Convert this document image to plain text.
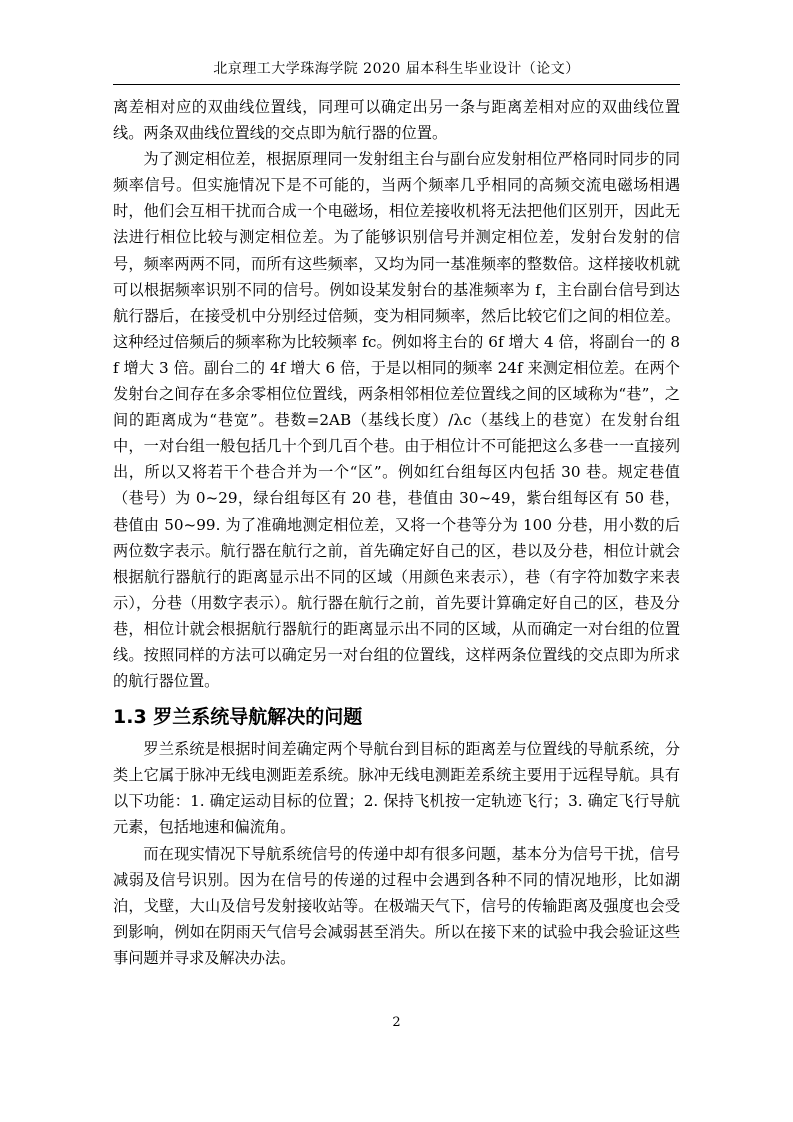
北京理工大学珠海学院 2020 届本科生毕业设计（论文）

离差相对应的双曲线位置线，同理可以确定出另一条与距离差相对应的双曲线位置线。两条双曲线位置线的交点即为航行器的位置。

为了测定相位差，根据原理同一发射组主台与副台应发射相位严格同时同步的同频率信号。但实施情况下是不可能的，当两个频率几乎相同的高频交流电磁场相遇时，他们会互相干扰而合成一个电磁场，相位差接收机将无法把他们区别开，因此无法进行相位比较与测定相位差。为了能够识别信号并测定相位差，发射台发射的信号，频率两两不同，而所有这些频率，又均为同一基准频率的整数倍。这样接收机就可以根据频率识别不同的信号。例如设某发射台的基准频率为 f，主台副台信号到达航行器后，在接受机中分别经过倍频，变为相同频率，然后比较它们之间的相位差。这种经过倍频后的频率称为比较频率 fc。例如将主台的 6f 增大 4 倍，将副台一的 8f 增大 3 倍。副台二的 4f 增大 6 倍，于是以相同的频率 24f 来测定相位差。在两个发射台之间存在多余零相位位置线，两条相邻相位差位置线之间的区域称为“巷”，之间的距离成为“巷宽”。巷数=2AB（基线长度）/λc（基线上的巷宽）在发射台组中，一对台组一般包括几十个到几百个巷。由于相位计不可能把这么多巷一一直接列出，所以又将若干个巷合并为一个“区”。例如红台组每区内包括 30 巷。规定巷值（巷号）为 0~29，绿台组每区有 20 巷，巷值由 30~49，紫台组每区有 50 巷，巷值由 50~99. 为了准确地测定相位差，又将一个巷等分为 100 分巷，用小数的后两位数字表示。航行器在航行之前，首先确定好自己的区，巷以及分巷，相位计就会根据航行器航行的距离显示出不同的区域（用颜色来表示），巷（有字符加数字来表示），分巷（用数字表示）。航行器在航行之前，首先要计算确定好自己的区，巷及分巷，相位计就会根据航行器航行的距离显示出不同的区域，从而确定一对台组的位置线。按照同样的方法可以确定另一对台组的位置线，这样两条位置线的交点即为所求的航行器位置。

1.3 罗兰系统导航解决的问题

罗兰系统是根据时间差确定两个导航台到目标的距离差与位置线的导航系统，分类上它属于脉冲无线电测距差系统。脉冲无线电测距差系统主要用于远程导航。具有以下功能：1. 确定运动目标的位置；2. 保持飞机按一定轨迹飞行；3. 确定飞行导航元素，包括地速和偏流角。

而在现实情况下导航系统信号的传递中却有很多问题，基本分为信号干扰，信号减弱及信号识别。因为在信号的传递的过程中会遇到各种不同的情况地形，比如湖泊，戈壁，大山及信号发射接收站等。在极端天气下，信号的传输距离及强度也会受到影响，例如在阴雨天气信号会减弱甚至消失。所以在接下来的试验中我会验证这些事问题并寻求及解决办法。

2
